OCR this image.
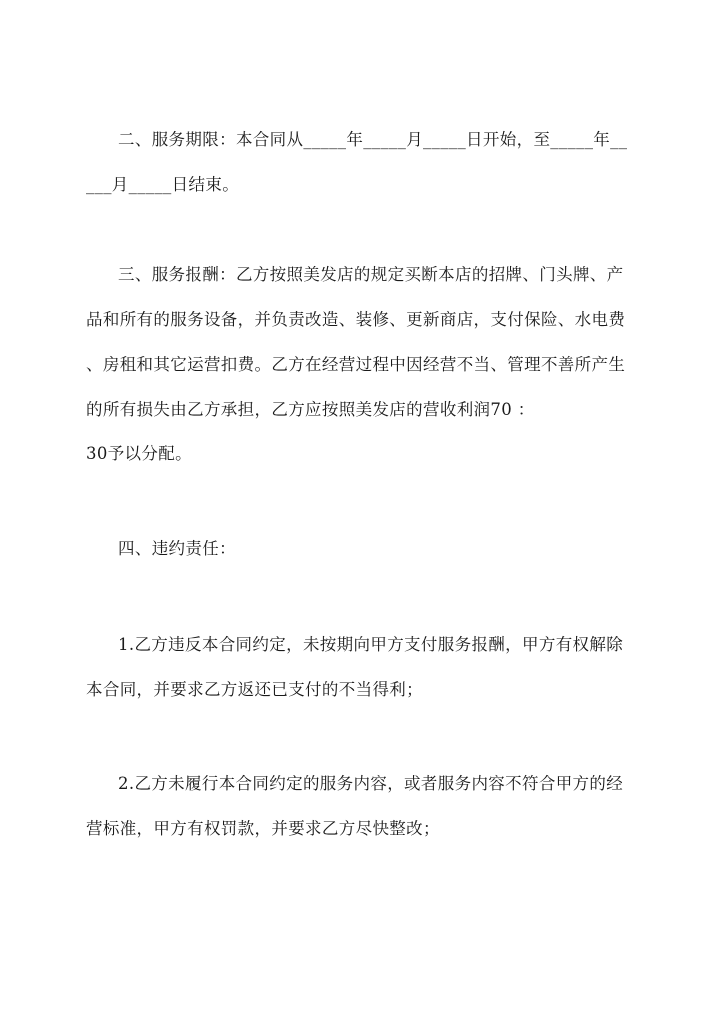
二、服务期限：本合同从_____年_____月_____日开始，至_____年__
___月_____日结束。
三、服务报酬：乙方按照美发店的规定买断本店的招牌、门头牌、产
品和所有的服务设备，并负责改造、装修、更新商店，支付保险、水电费
、房租和其它运营扣费。乙方在经营过程中因经营不当、管理不善所产生
的所有损失由乙方承担，乙方应按照美发店的营收利润70 ：
30予以分配。
四、违约责任：
1.乙方违反本合同约定，未按期向甲方支付服务报酬，甲方有权解除
本合同，并要求乙方返还已支付的不当得利；
2.乙方未履行本合同约定的服务内容，或者服务内容不符合甲方的经
营标准，甲方有权罚款，并要求乙方尽快整改；
